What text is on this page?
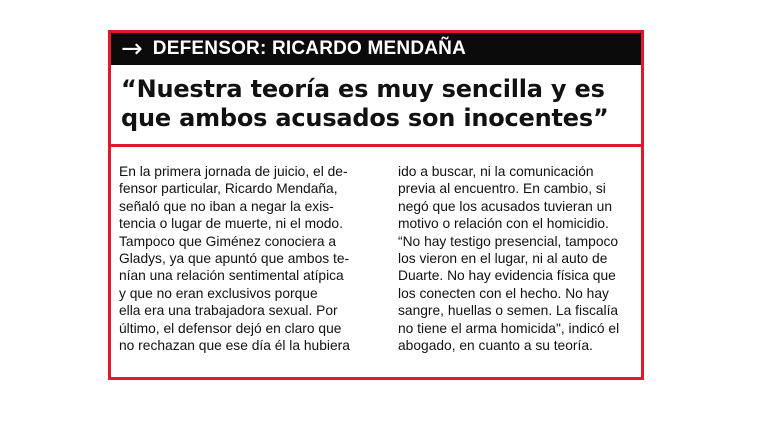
→ DEFENSOR: RICARDO MENDAÑA

“Nuestra teoría es muy sencilla y es
que ambos acusados son inocentes”

En la primera jornada de juicio, el de-
fensor particular, Ricardo Mendaña,
señaló que no iban a negar la exis-
tencia o lugar de muerte, ni el modo.
Tampoco que Giménez conociera a
Gladys, ya que apuntó que ambos te-
nían una relación sentimental atípica
y que no eran exclusivos porque
ella era una trabajadora sexual. Por
último, el defensor dejó en claro que
no rechazan que ese día él la hubiera
ido a buscar, ni la comunicación
previa al encuentro. En cambio, si
negó que los acusados tuvieran un
motivo o relación con el homicidio.
“No hay testigo presencial, tampoco
los vieron en el lugar, ni al auto de
Duarte. No hay evidencia física que
los conecten con el hecho. No hay
sangre, huellas o semen. La fiscalía
no tiene el arma homicida", indicó el
abogado, en cuanto a su teoría.
